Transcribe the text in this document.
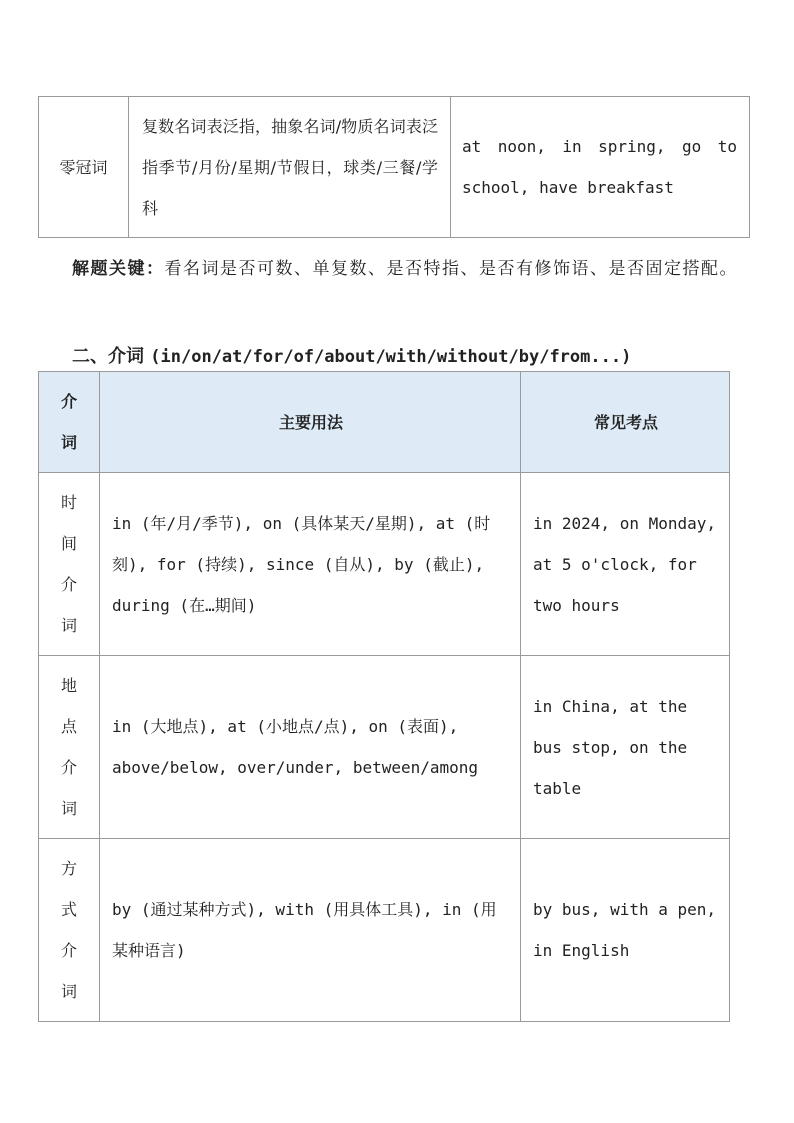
零冠词	复数名词表泛指，抽象名词/物质名词表泛指季节/月份/星期/节假日，球类/三餐/学科	at noon, in spring, go to school, have breakfast
解题关键：看名词是否可数、单复数、是否特指、是否有修饰语、是否固定搭配。
二、介词 (in/on/at/for/of/about/with/without/by/from...)
介词	主要用法	常见考点
时间介词	in (年/月/季节), on (具体某天/星期), at (时刻), for (持续), since (自从), by (截止), during (在…期间)	in 2024, on Monday, at 5 o'clock, for two hours
地点介词	in (大地点), at (小地点/点), on (表面), above/below, over/under, between/among	in China, at the bus stop, on the table
方式介词	by (通过某种方式), with (用具体工具), in (用某种语言)	by bus, with a pen, in English
